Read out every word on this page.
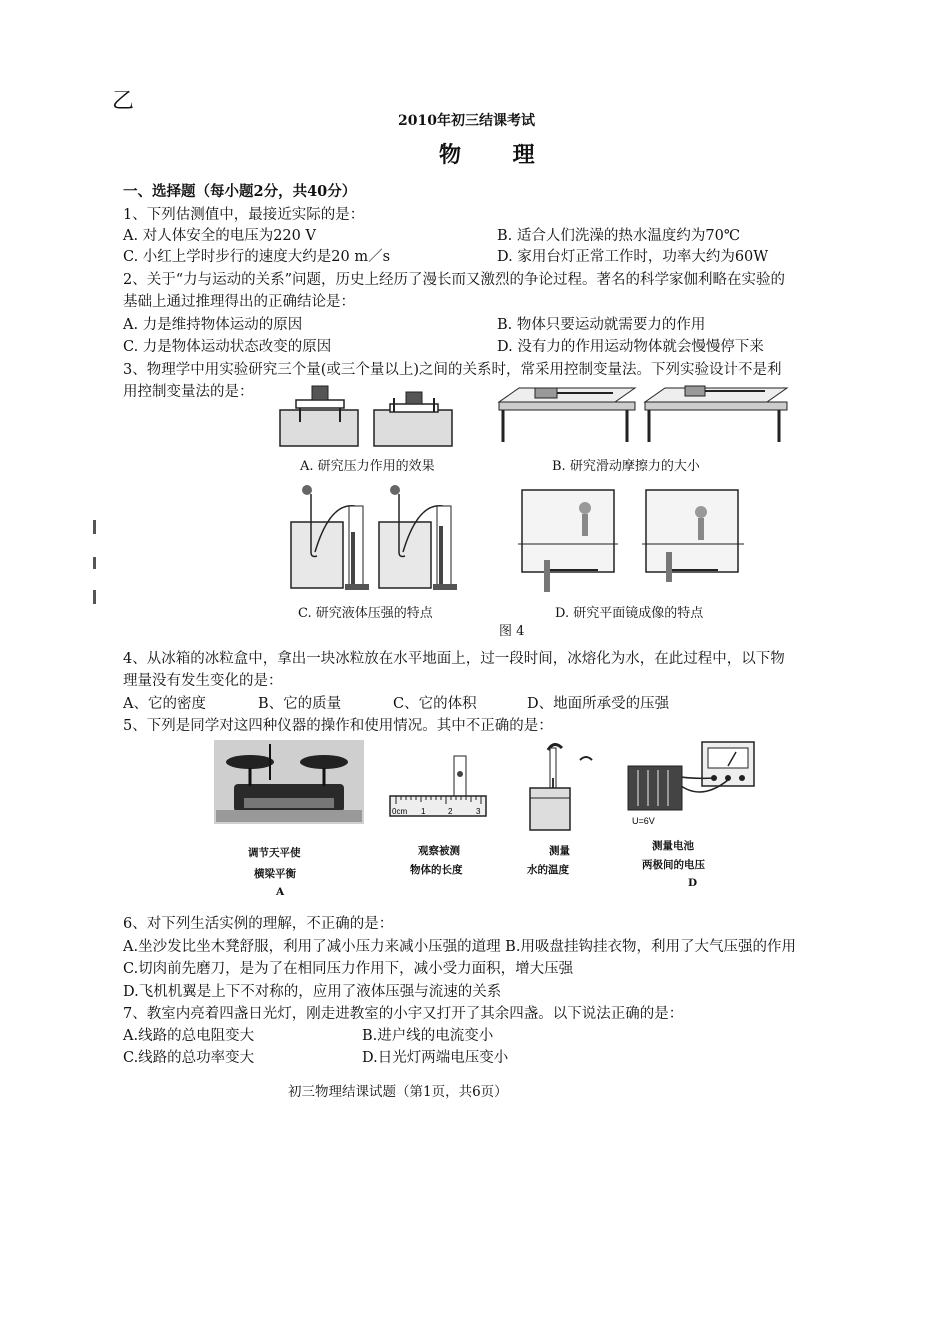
乙
2010年初三结课考试
物 理
一、选择题（每小题2分，共40分）
1、下列估测值中，最接近实际的是：
A. 对人体安全的电压为220 V	B. 适合人们洗澡的热水温度约为70℃
C. 小红上学时步行的速度大约是20 m／s	D. 家用台灯正常工作时，功率大约为60W
2、关于“力与运动的关系”问题，历史上经历了漫长而又激烈的争论过程。著名的科学家伽利略在实验的
基础上通过推理得出的正确结论是：
A. 力是维持物体运动的原因	B. 物体只要运动就需要力的作用
C. 力是物体运动状态改变的原因	D. 没有力的作用运动物体就会慢慢停下来
3、物理学中用实验研究三个量(或三个量以上)之间的关系时，常采用控制变量法。下列实验设计不是利
用控制变量法的是：
A. 研究压力作用的效果	B. 研究滑动摩擦力的大小
C. 研究液体压强的特点	D. 研究平面镜成像的特点
图 4
4、从冰箱的冰粒盒中，拿出一块冰粒放在水平地面上，过一段时间，冰熔化为水，在此过程中，以下物
理量没有发生变化的是：
A、它的密度	B、它的质量	C、它的体积	D、地面所承受的压强
5、下列是同学对这四种仪器的操作和使用情况。其中不正确的是：
0cm 1	2	3
U=6V
调节天平使
横梁平衡
A
观察被测
物体的长度
测量
水的温度
测量电池
两极间的电压
D
6、对下列生活实例的理解，不正确的是：
A.坐沙发比坐木凳舒服，利用了减小压力来减小压强的道理 B.用吸盘挂钩挂衣物，利用了大气压强的作用
C.切肉前先磨刀，是为了在相同压力作用下，减小受力面积，增大压强
D.飞机机翼是上下不对称的，应用了液体压强与流速的关系
7、教室内亮着四盏日光灯，刚走进教室的小宇又打开了其余四盏。以下说法正确的是：
A.线路的总电阻变大	B.进户线的电流变小
C.线路的总功率变大	D.日光灯两端电压变小
初三物理结课试题（第1页，共6页）
